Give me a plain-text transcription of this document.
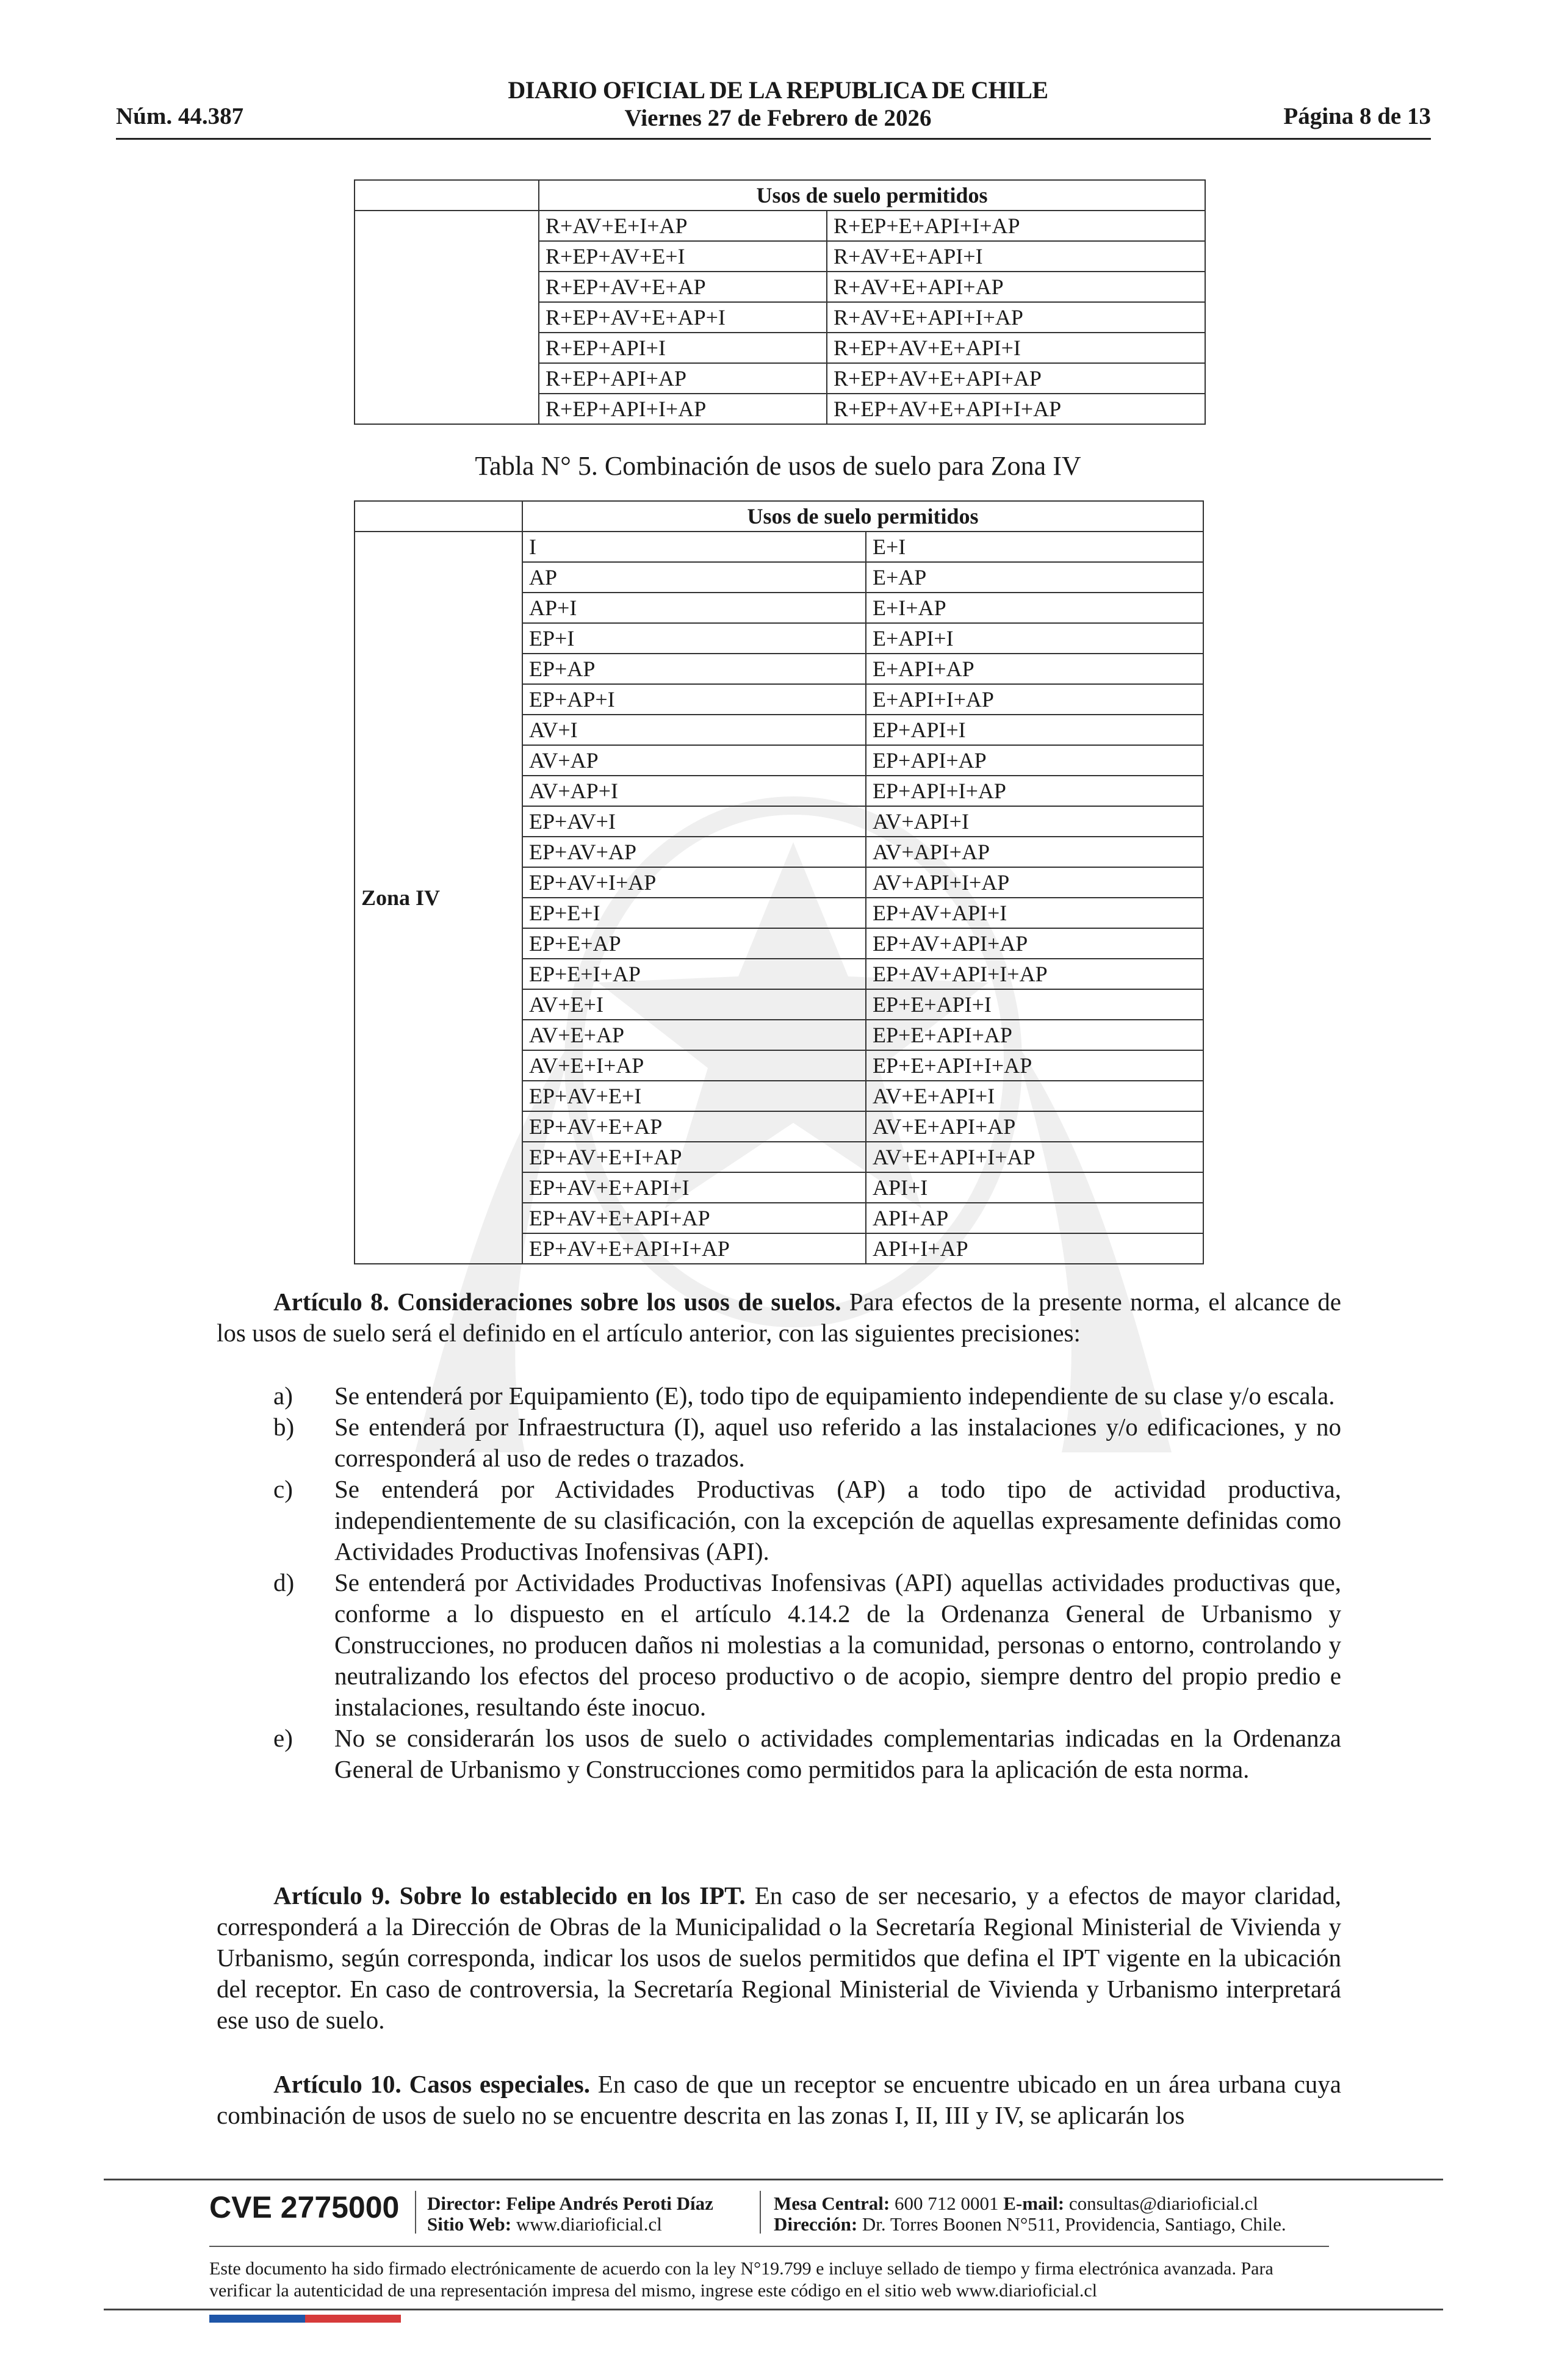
Núm. 44.387
DIARIO OFICIAL DE LA REPUBLICA DE CHILE
Viernes 27 de Febrero de 2026	Página 8 de 13
	Usos de suelo permitidos	
	R+AV+E+I+AP	R+EP+E+API+I+AP
	R+EP+AV+E+I	R+AV+E+API+I
	R+EP+AV+E+AP	R+AV+E+API+AP
	R+EP+AV+E+AP+I	R+AV+E+API+I+AP
	R+EP+API+I	R+EP+AV+E+API+I
	R+EP+API+AP	R+EP+AV+E+API+AP
	R+EP+API+I+AP	R+EP+AV+E+API+I+AP
Tabla N° 5. Combinación de usos de suelo para Zona IV
	Usos de suelo permitidos	
Zona IV	I	E+I
	AP	E+AP
	AP+I	E+I+AP
	EP+I	E+API+I
	EP+AP	E+API+AP
	EP+AP+I	E+API+I+AP
	AV+I	EP+API+I
	AV+AP	EP+API+AP
	AV+AP+I	EP+API+I+AP
	EP+AV+I	AV+API+I
	EP+AV+AP	AV+API+AP
	EP+AV+I+AP	AV+API+I+AP
	EP+E+I	EP+AV+API+I
	EP+E+AP	EP+AV+API+AP
	EP+E+I+AP	EP+AV+API+I+AP
	AV+E+I	EP+E+API+I
	AV+E+AP	EP+E+API+AP
	AV+E+I+AP	EP+E+API+I+AP
	EP+AV+E+I	AV+E+API+I
	EP+AV+E+AP	AV+E+API+AP
	EP+AV+E+I+AP	AV+E+API+I+AP
	EP+AV+E+API+I	API+I
	EP+AV+E+API+AP	API+AP
	EP+AV+E+API+I+AP	API+I+AP
Artículo 8. Consideraciones sobre los usos de suelos. Para efectos de la presente norma, el alcance de los usos de suelo será el definido en el artículo anterior, con las siguientes precisiones:
a) Se entenderá por Equipamiento (E), todo tipo de equipamiento independiente de su clase y/o escala.
b) Se entenderá por Infraestructura (I), aquel uso referido a las instalaciones y/o edificaciones, y no corresponderá al uso de redes o trazados.
c) Se entenderá por Actividades Productivas (AP) a todo tipo de actividad productiva, independientemente de su clasificación, con la excepción de aquellas expresamente definidas como Actividades Productivas Inofensivas (API).
d) Se entenderá por Actividades Productivas Inofensivas (API) aquellas actividades productivas que, conforme a lo dispuesto en el artículo 4.14.2 de la Ordenanza General de Urbanismo y Construcciones, no producen daños ni molestias a la comunidad, personas o entorno, controlando y neutralizando los efectos del proceso productivo o de acopio, siempre dentro del propio predio e instalaciones, resultando éste inocuo.
e) No se considerarán los usos de suelo o actividades complementarias indicadas en la Ordenanza General de Urbanismo y Construcciones como permitidos para la aplicación de esta norma.
Artículo 9. Sobre lo establecido en los IPT. En caso de ser necesario, y a efectos de mayor claridad, corresponderá a la Dirección de Obras de la Municipalidad o la Secretaría Regional Ministerial de Vivienda y Urbanismo, según corresponda, indicar los usos de suelos permitidos que defina el IPT vigente en la ubicación del receptor. En caso de controversia, la Secretaría Regional Ministerial de Vivienda y Urbanismo interpretará ese uso de suelo.
Artículo 10. Casos especiales. En caso de que un receptor se encuentre ubicado en un área urbana cuya combinación de usos de suelo no se encuentre descrita en las zonas I, II, III y IV, se aplicarán los
CVE 2775000 Director: Felipe Andrés Peroti Díaz
Sitio Web: www.diarioficial.cl
Mesa Central: 600 712 0001 E-mail: consultas@diarioficial.cl
Dirección: Dr. Torres Boonen N°511, Providencia, Santiago, Chile.
Este documento ha sido firmado electrónicamente de acuerdo con la ley N°19.799 e incluye sellado de tiempo y firma electrónica avanzada. Para verificar la autenticidad de una representación impresa del mismo, ingrese este código en el sitio web www.diarioficial.cl
